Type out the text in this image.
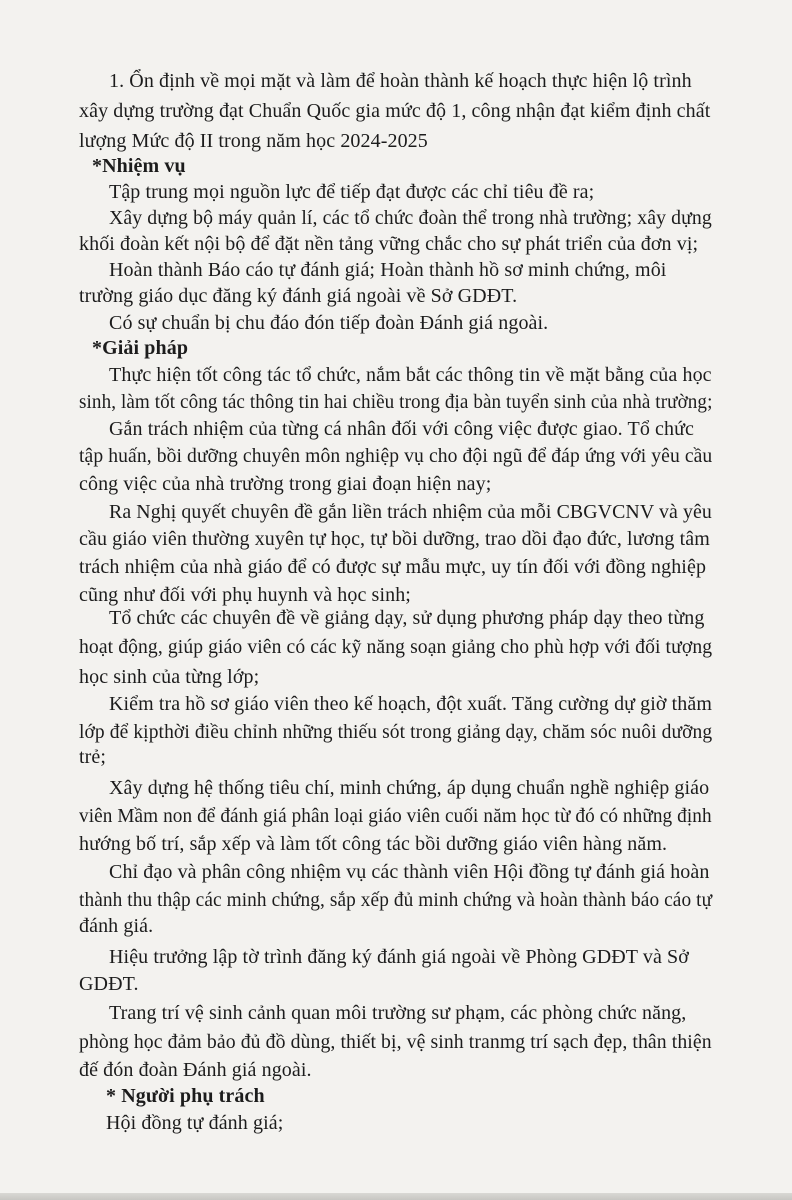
1. Ổn định về mọi mặt và làm để hoàn thành kế hoạch thực hiện lộ trình
xây dựng trường đạt Chuẩn Quốc gia mức độ 1, công nhận đạt kiểm định chất
lượng Mức độ II trong năm học 2024-2025
*Nhiệm vụ
Tập trung mọi nguồn lực để tiếp đạt được các chỉ tiêu đề ra;
Xây dựng bộ máy quản lí, các tổ chức đoàn thể trong nhà trường; xây dựng
khối đoàn kết nội bộ để đặt nền tảng vững chắc cho sự phát triển của đơn vị;
Hoàn thành Báo cáo tự đánh giá; Hoàn thành hồ sơ minh chứng, môi
trường giáo dục đăng ký đánh giá ngoài về Sở GDĐT.
Có sự chuẩn bị chu đáo đón tiếp đoàn Đánh giá ngoài.
*Giải pháp
Thực hiện tốt công tác tổ chức, nắm bắt các thông tin về mặt bằng của học
sinh, làm tốt công tác thông tin hai chiều trong địa bàn tuyển sinh của nhà trường;
Gắn trách nhiệm của từng cá nhân đối với công việc được giao. Tổ chức
tập huấn, bồi dưỡng chuyên môn nghiệp vụ cho đội ngũ để đáp ứng với yêu cầu
công việc của nhà trường trong giai đoạn hiện nay;
Ra Nghị quyết chuyên đề gắn liền trách nhiệm của mỗi CBGVCNV và yêu
cầu giáo viên thường xuyên tự học, tự bồi dưỡng, trao dồi đạo đức, lương tâm
trách nhiệm của nhà giáo để có được sự mẫu mực, uy tín đối với đồng nghiệp
cũng như đối với phụ huynh và học sinh;
Tổ chức các chuyên đề về giảng dạy, sử dụng phương pháp dạy theo từng
hoạt động, giúp giáo viên có các kỹ năng soạn giảng cho phù hợp với đối tượng
học sinh của từng lớp;
Kiểm tra hồ sơ giáo viên theo kế hoạch, đột xuất. Tăng cường dự giờ thăm
lớp để kịpthời điều chỉnh những thiếu sót trong giảng dạy, chăm sóc nuôi dưỡng
trẻ;
Xây dựng hệ thống tiêu chí, minh chứng, áp dụng chuẩn nghề nghiệp giáo
viên Mầm non để đánh giá phân loại giáo viên cuối năm học từ đó có những định
hướng bố trí, sắp xếp và làm tốt công tác bồi dưỡng giáo viên hàng năm.
Chỉ đạo và phân công nhiệm vụ các thành viên Hội đồng tự đánh giá hoàn
thành thu thập các minh chứng, sắp xếp đủ minh chứng và hoàn thành báo cáo tự
đánh giá.
Hiệu trưởng lập tờ trình đăng ký đánh giá ngoài về Phòng GDĐT và Sở
GDĐT.
Trang trí vệ sinh cảnh quan môi trường sư phạm, các phòng chức năng,
phòng học đảm bảo đủ đồ dùng, thiết bị, vệ sinh tranmg trí sạch đẹp, thân thiện
đế đón đoàn Đánh giá ngoài.
* Người phụ trách
Hội đồng tự đánh giá;
